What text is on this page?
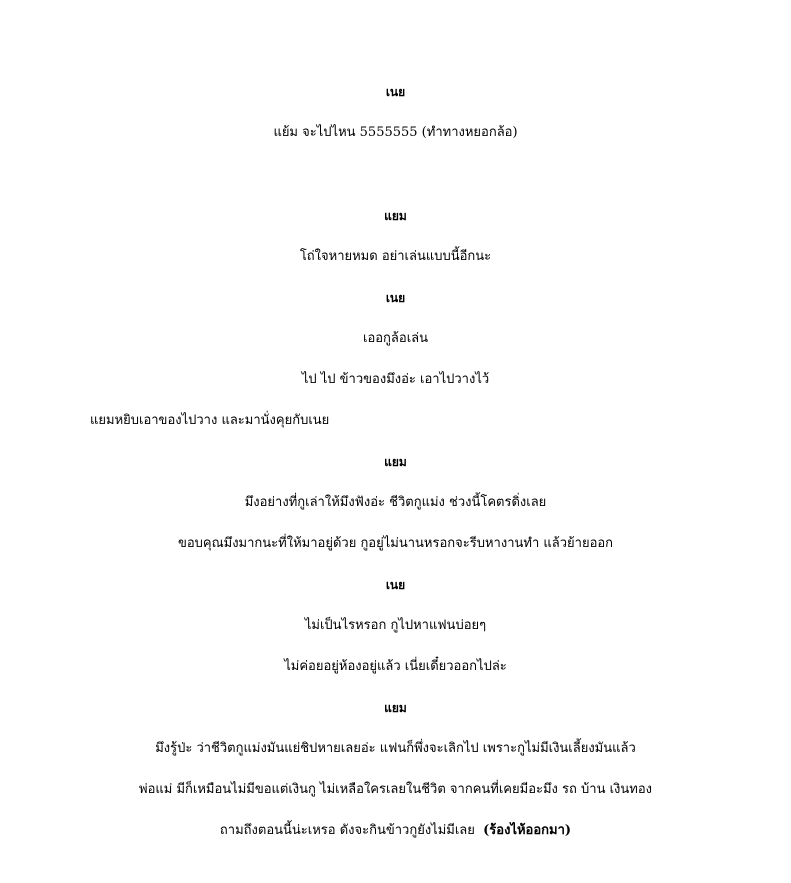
เนย
แย้ม จะไปไหน 5555555 (ทำทางหยอกล้อ)
แยม
โถ่ใจหายหมด อย่าเล่นแบบนี้อีกนะ
เนย
เออกูล้อเล่น
ไป ไป ข้าวของมึงอ่ะ เอาไปวางไว้
แยมหยิบเอาของไปวาง และมานั่งคุยกับเนย
แยม
มึงอย่างที่กูเล่าให้มึงฟังอ่ะ ชีวิตกูแม่ง ช่วงนี้โคตรดิ่งเลย
ขอบคุณมึงมากนะที่ให้มาอยู่ด้วย กูอยู่ไม่นานหรอกจะรีบหางานทำ แล้วย้ายออก
เนย
ไม่เป็นไรหรอก กูไปหาแฟนบ่อยๆ
ไม่ค่อยอยู่ห้องอยู่แล้ว เนี่ยเดี๋ยวออกไปล่ะ
แยม
มึงรู้ป่ะ ว่าชีวิตกูแม่งมันแย่ชิปหายเลยอ่ะ แฟนก็พึ่งจะเลิกไป เพราะกูไม่มีเงินเลี้ยงมันแล้ว
พ่อแม่ มีก็เหมือนไม่มีขอแต่เงินกู ไม่เหลือใครเลยในชีวิต จากคนที่เคยมีอะมึง รถ บ้าน เงินทอง
ถามถึงตอนนี้น่ะเหรอ ดังจะกินข้าวกูยังไม่มีเลย (ร้องไห้ออกมา)
